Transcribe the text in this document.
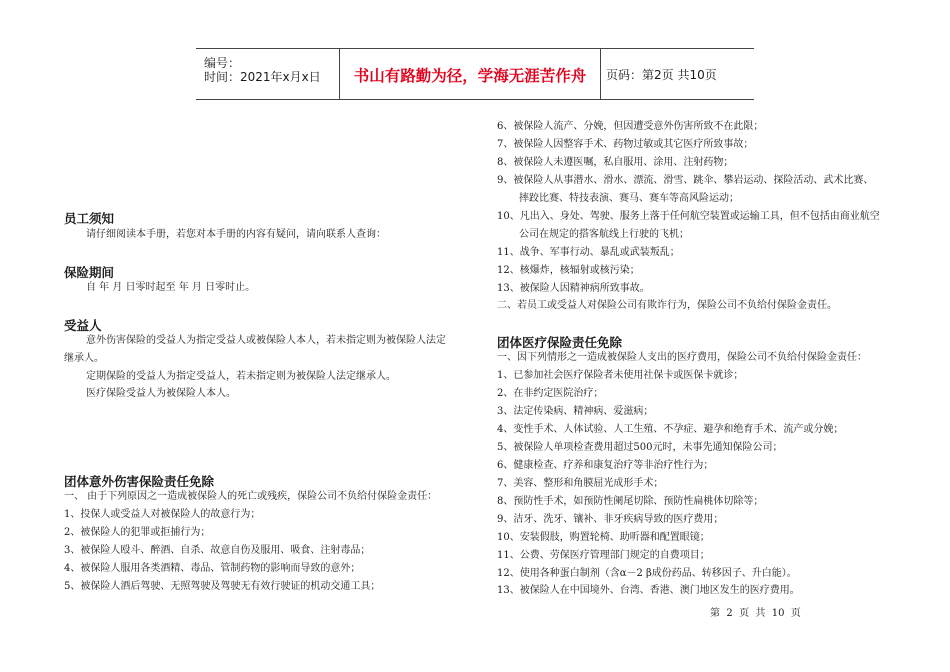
编号：
时间：2021年x月x日	书山有路勤为径，学海无涯苦作舟	页码：第2页 共10页
员工须知
请仔细阅读本手册，若您对本手册的内容有疑问，请向联系人查询：
保险期间
自 年 月 日零时起至 年 月 日零时止。
受益人
意外伤害保险的受益人为指定受益人或被保险人本人，若未指定则为被保险人法定
继承人。
定期保险的受益人为指定受益人，若未指定则为被保险人法定继承人。
医疗保险受益人为被保险人本人。
团体意外伤害保险责任免除
一、 由于下列原因之一造成被保险人的死亡或残疾，保险公司不负给付保险金责任：
1、投保人或受益人对被保险人的故意行为；
2、被保险人的犯罪或拒捕行为；
3、被保险人殴斗、醉酒、自杀、故意自伤及服用、吸食、注射毒品；
4、被保险人服用各类酒精、毒品、管制药物的影响而导致的意外；
5、被保险人酒后驾驶、无照驾驶及驾驶无有效行驶证的机动交通工具；
6、被保险人流产、分娩，但因遭受意外伤害所致不在此限；
7、被保险人因整容手术、药物过敏或其它医疗所致事故；
8、被保险人未遵医嘱，私自服用、涂用、注射药物；
9、被保险人从事潜水、滑水、漂流、滑雪、跳伞、攀岩运动、探险活动、武术比赛、
摔跤比赛、特技表演、赛马、赛车等高风险运动；
10、凡出入、身处、驾驶、服务上落于任何航空装置或运输工具，但不包括由商业航空
公司在规定的搭客航线上行驶的飞机；
11、战争、军事行动、暴乱或武装叛乱；
12、核爆炸，核辐射或核污染；
13、被保险人因精神病所致事故。
二、若员工或受益人对保险公司有欺诈行为，保险公司不负给付保险金责任。
团体医疗保险责任免除
一、因下列情形之一造成被保险人支出的医疗费用，保险公司不负给付保险金责任：
1、已参加社会医疗保险者未使用社保卡或医保卡就诊；
2、在非约定医院治疗；
3、法定传染病、精神病、爱滋病；
4、变性手术、人体试验、人工生殖、不孕症、避孕和绝育手术、流产或分娩；
5、被保险人单项检查费用超过500元时，未事先通知保险公司；
6、健康检查、疗养和康复治疗等非治疗性行为；
7、美容、整形和角膜屈光成形手术；
8、预防性手术，如预防性阑尾切除、预防性扁桃体切除等；
9、洁牙、洗牙、镶补、非牙疾病导致的医疗费用；
10、安装假肢，购置轮椅、助听器和配置眼镜；
11、公费、劳保医疗管理部门规定的自费项目；
12、使用各种蛋白制剂（含α－2 β成份药品、转移因子、升白能）。
13、被保险人在中国境外、台湾、香港、澳门地区发生的医疗费用。
第  2  页  共  10  页
